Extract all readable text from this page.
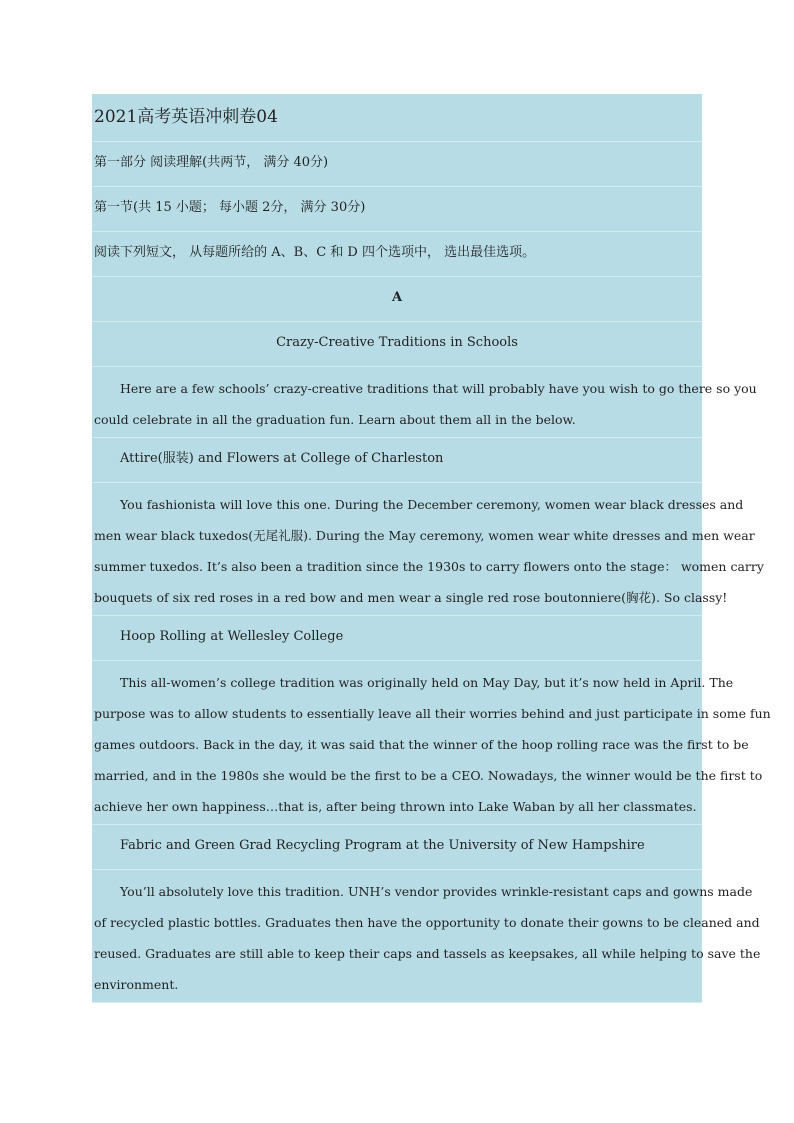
2021高考英语冲刺卷04
第一部分 阅读理解(共两节， 满分 40分)
第一节(共 15 小题； 每小题 2分， 满分 30分)
阅读下列短文， 从每题所给的 A、B、C 和 D 四个选项中， 选出最佳选项。
A
Crazy-Creative Traditions in Schools
Here are a few schools’ crazy-creative traditions that will probably have you wish to go there so you
could celebrate in all the graduation fun. Learn about them all in the below.
Attire(服装) and Flowers at College of Charleston
You fashionista will love this one. During the December ceremony, women wear black dresses and
men wear black tuxedos(无尾礼服). During the May ceremony, women wear white dresses and men wear
summer tuxedos. It’s also been a tradition since the 1930s to carry flowers onto the stage： women carry
bouquets of six red roses in a red bow and men wear a single red rose boutonniere(胸花). So classy!
Hoop Rolling at Wellesley College
This all-women’s college tradition was originally held on May Day, but it’s now held in April. The
purpose was to allow students to essentially leave all their worries behind and just participate in some fun
games outdoors. Back in the day, it was said that the winner of the hoop rolling race was the first to be
married, and in the 1980s she would be the first to be a CEO. Nowadays, the winner would be the first to
achieve her own happiness…that is, after being thrown into Lake Waban by all her classmates.
Fabric and Green Grad Recycling Program at the University of New Hampshire
You’ll absolutely love this tradition. UNH’s vendor provides wrinkle-resistant caps and gowns made
of recycled plastic bottles. Graduates then have the opportunity to donate their gowns to be cleaned and
reused. Graduates are still able to keep their caps and tassels as keepsakes, all while helping to save the
environment.
